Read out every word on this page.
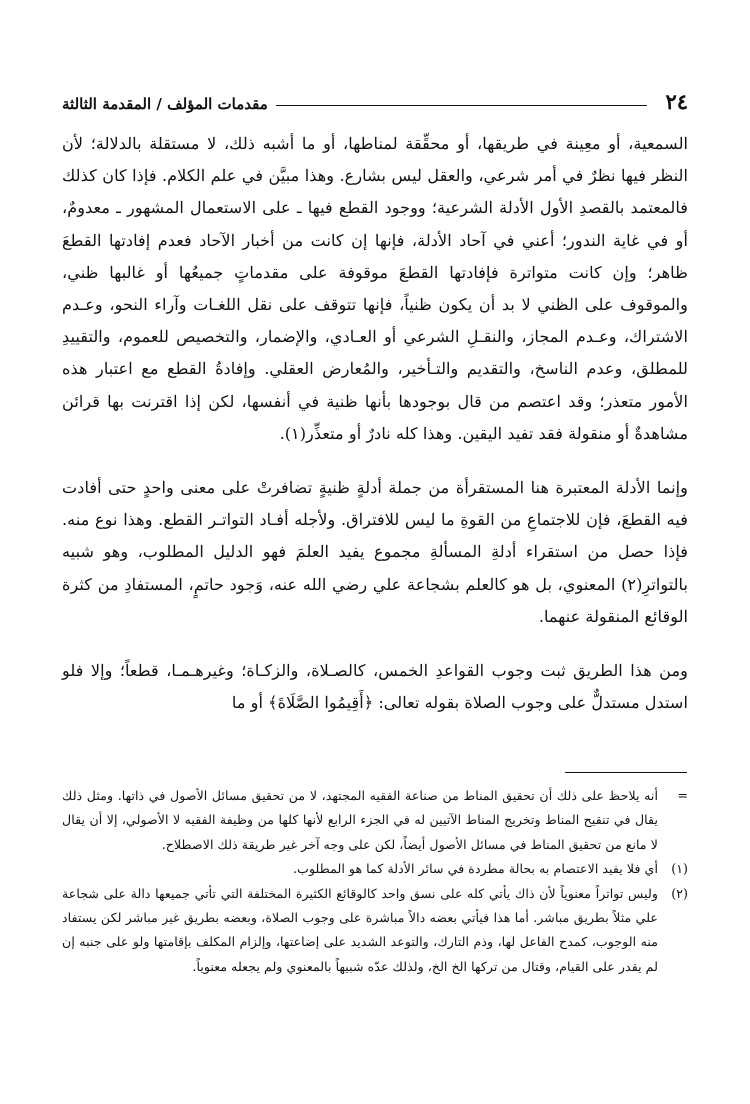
٢٤
مقدمات المؤلف / المقدمة الثالثة

السمعية، أو معِينة في طريقها، أو محقِّقة لمناطها، أو ما أشبه ذلك، لا مستقلة بالدلالة؛ لأن النظر فيها نظرٌ في أمر شرعي، والعقل ليس بشارع. وهذا مبيَّن في علم الكلام. فإذا كان كذلك فالمعتمد بالقصدِ الأول الأدلة الشرعية؛ ووجود القطع فيها ـ على الاستعمال المشهور ـ معدومٌ، أو في غاية الندور؛ أعني في آحاد الأدلة، فإنها إن كانت من أخبار الآحاد فعدم إفادتها القطعَ ظاهر؛ وإن كانت متواترة فإفادتها القطعَ موقوفة على مقدماتٍ جميعُها أو غالبها ظني، والموقوف على الظني لا بد أن يكون ظنياً، فإنها تتوقف على نقل اللغـات وآراء النحو، وعـدم الاشتراك، وعـدم المجاز، والنقـلِ الشرعي أو العـادي، والإضمار، والتخصيص للعموم، والتقييدِ للمطلق، وعدم الناسخ، والتقديم والتـأخير، والمُعارض العقلي. وإفادةُ القطع مع اعتبار هذه الأمور متعذر؛ وقد اعتصم من قال بوجودها بأنها ظنية في أنفسها، لكن إذا اقترنت بها قرائن مشاهدةٌ أو منقولة فقد تفيد اليقين. وهذا كله نادرٌ أو متعذِّر(١).

وإنما الأدلة المعتبرة هنا المستقرأة من جملة أدلةٍ ظنيةٍ تضافرتْ على معنى واحدٍ حتى أفادت فيه القطعَ، فإن للاجتماعِ من القوةِ ما ليس للافتراق. ولأجله أفـاد التواتـر القطع. وهذا نوع منه. فإذا حصل من استقراء أدلةِ المسألةِ مجموع يفيد العلمَ فهو الدليل المطلوب، وهو شبيه بالتواترِ(٢) المعنوي، بل هو كالعلم بشجاعة علي رضي الله عنه، وَجود حاتمٍ، المستفادِ من كثرة الوقائع المنقولة عنهما.

ومن هذا الطريق ثبت وجوب القواعدِ الخمس، كالصـلاة، والزكـاة؛ وغيرهـمـا، قطعاً؛ وإلا فلو استدل مستدلٌّ على وجوب الصلاة بقوله تعالى: ﴿أَقِيمُوا الصَّلَاةَ﴾ أو ما

=
أنه يلاحظ على ذلك أن تحقيق المناط من صناعة الفقيه المجتهد، لا من تحقيق مسائل الأصول في ذاتها. ومثل ذلك يقال في تنقيح المناط وتخريج المناط الآتيين له في الجزء الرابع لأنها كلها من وظيفة الفقيه لا الأصولي، إلا أن يقال لا مانع من تحقيق المناط في مسائل الأصول أيضاً، لكن على وجه آخر غير طريقة ذلك الاصطلاح.
(١)
أي فلا يفيد الاعتصام به بحالة مطردة في سائر الأدلة كما هو المطلوب.
(٢)
وليس تواتراً معنوياً لأن ذاك يأتي كله على نسق واحد كالوقائع الكثيرة المختلفة التي تأتي جميعها دالة على شجاعة علي مثلاً بطريق مباشر. أما هذا فيأتي بعضه دالاً مباشرة على وجوب الصلاة، وبعضه بطريق غير مباشر لكن يستفاد منه الوجوب، كمدح الفاعل لها، وذم التارك، والتوعد الشديد على إضاعتها، وإلزام المكلف بإقامتها ولو على جنبه إن لم يقدر على القيام، وقتال من تركها الخ الخ، ولذلك عدّه شبيهاً بالمعنوي ولم يجعله معنوياً.
